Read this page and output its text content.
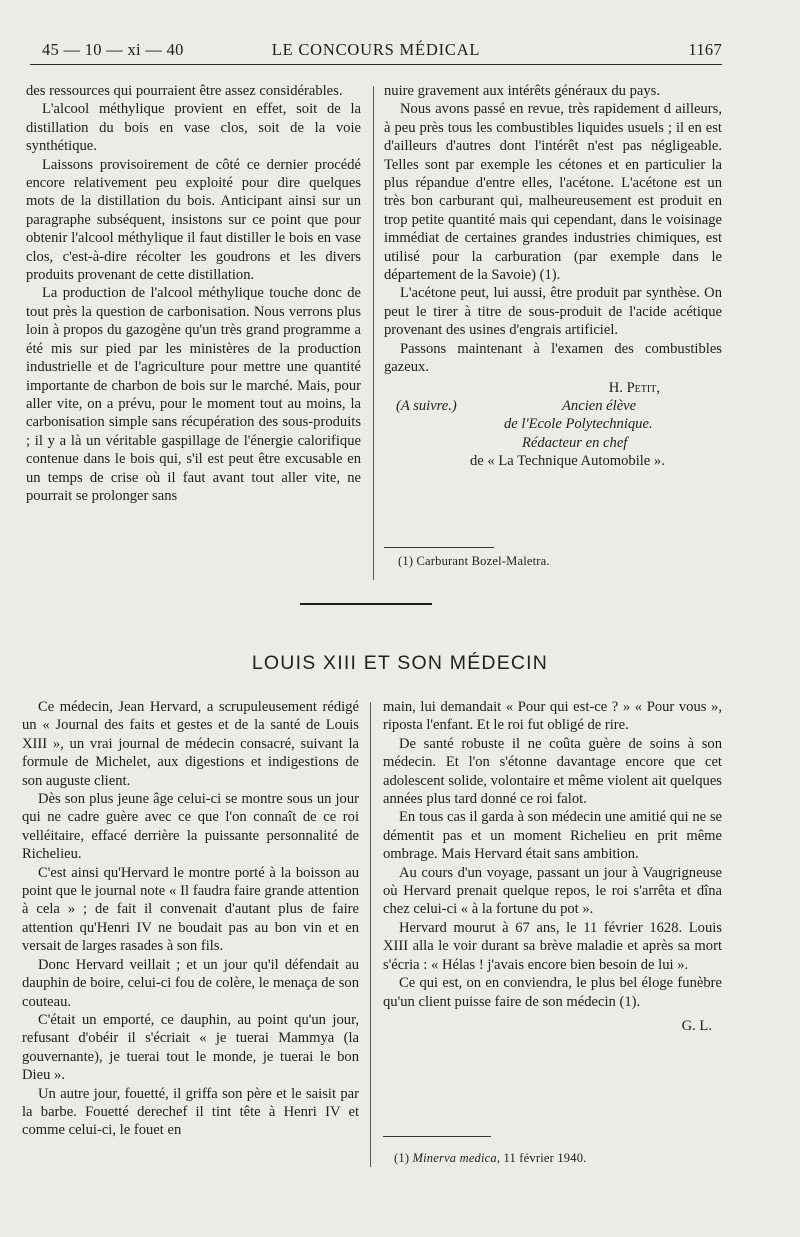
45 — 10 — xi — 40	LE CONCOURS MÉDICAL	1167

des ressources qui pourraient être assez considérables.

L'alcool méthylique provient en effet, soit de la distillation du bois en vase clos, soit de la voie synthétique.

Laissons provisoirement de côté ce dernier procédé encore relativement peu exploité pour dire quelques mots de la distillation du bois. Anticipant ainsi sur un paragraphe subséquent, insistons sur ce point que pour obtenir l'alcool méthylique il faut distiller le bois en vase clos, c'est-à-dire récolter les goudrons et les divers produits provenant de cette distillation.

La production de l'alcool méthylique touche donc de tout près la question de carbonisation. Nous verrons plus loin à propos du gazogène qu'un très grand programme a été mis sur pied par les ministères de la production industrielle et de l'agriculture pour mettre une quantité importante de charbon de bois sur le marché. Mais, pour aller vite, on a prévu, pour le moment tout au moins, la carbonisation simple sans récupération des sous-produits ; il y a là un véritable gaspillage de l'énergie calorifique contenue dans le bois qui, s'il est peut être excusable en un temps de crise où il faut avant tout aller vite, ne pourrait se prolonger sans

nuire gravement aux intérêts généraux du pays.

Nous avons passé en revue, très rapidement d ailleurs, à peu près tous les combustibles liquides usuels ; il en est d'ailleurs d'autres dont l'intérêt n'est pas négligeable. Telles sont par exemple les cétones et en particulier la plus répandue d'entre elles, l'acétone. L'acétone est un très bon carburant qui, malheureusement est produit en trop petite quantité mais qui cependant, dans le voisinage immédiat de certaines grandes industries chimiques, est utilisé pour la carburation (par exemple dans le département de la Savoie) (1).

L'acétone peut, lui aussi, être produit par synthèse. On peut le tirer à titre de sous-produit de l'acide acétique provenant des usines d'engrais artificiel.

Passons maintenant à l'examen des combustibles gazeux.

H. Petit,
(A suivre.)	Ancien élève
de l'Ecole Polytechnique.
Rédacteur en chef
de « La Technique Automobile ».
(1) Carburant Bozel-Maletra.
LOUIS XIII ET SON MÉDECIN

Ce médecin, Jean Hervard, a scrupuleusement rédigé un « Journal des faits et gestes et de la santé de Louis XIII », un vrai journal de médecin consacré, suivant la formule de Michelet, aux digestions et indigestions de son auguste client.

Dès son plus jeune âge celui-ci se montre sous un jour qui ne cadre guère avec ce que l'on connaît de ce roi velléitaire, effacé derrière la puissante personnalité de Richelieu.

C'est ainsi qu'Hervard le montre porté à la boisson au point que le journal note « Il faudra faire grande attention à cela » ; de fait il convenait d'autant plus de faire attention qu'Henri IV ne boudait pas au bon vin et en versait de larges rasades à son fils.

Donc Hervard veillait ; et un jour qu'il défendait au dauphin de boire, celui-ci fou de colère, le menaça de son couteau.

C'était un emporté, ce dauphin, au point qu'un jour, refusant d'obéir il s'écriait « je tuerai Mammya (la gouvernante), je tuerai tout le monde, je tuerai le bon Dieu ».

Un autre jour, fouetté, il griffa son père et le saisit par la barbe. Fouetté derechef il tint tête à Henri IV et comme celui-ci, le fouet en

main, lui demandait « Pour qui est-ce ? » « Pour vous », riposta l'enfant. Et le roi fut obligé de rire.

De santé robuste il ne coûta guère de soins à son médecin. Et l'on s'étonne davantage encore que cet adolescent solide, volontaire et même violent ait quelques années plus tard donné ce roi falot.

En tous cas il garda à son médecin une amitié qui ne se démentit pas et un moment Richelieu en prit même ombrage. Mais Hervard était sans ambition.

Au cours d'un voyage, passant un jour à Vaugrigneuse où Hervard prenait quelque repos, le roi s'arrêta et dîna chez celui-ci « à la fortune du pot ».

Hervard mourut à 67 ans, le 11 février 1628. Louis XIII alla le voir durant sa brève maladie et après sa mort s'écria : « Hélas ! j'avais encore bien besoin de lui ».

Ce qui est, on en conviendra, le plus bel éloge funèbre qu'un client puisse faire de son médecin (1).

G. L.
(1) Minerva medica, 11 février 1940.
